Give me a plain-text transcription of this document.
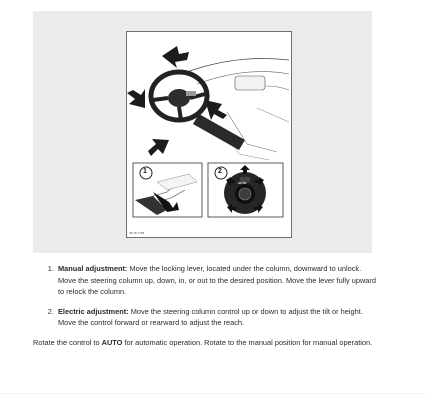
1	2
AUTO
JB 48 7786
1. Manual adjustment: Move the locking lever, located under the column, downward to unlock. Move the steering column up, down, in, or out to the desired position. Move the lever fully upward to relock the column.
2. Electric adjustment: Move the steering column control up or down to adjust the tilt or height. Move the control forward or rearward to adjust the reach.

Rotate the control to AUTO for automatic operation. Rotate to the manual position for manual operation.
